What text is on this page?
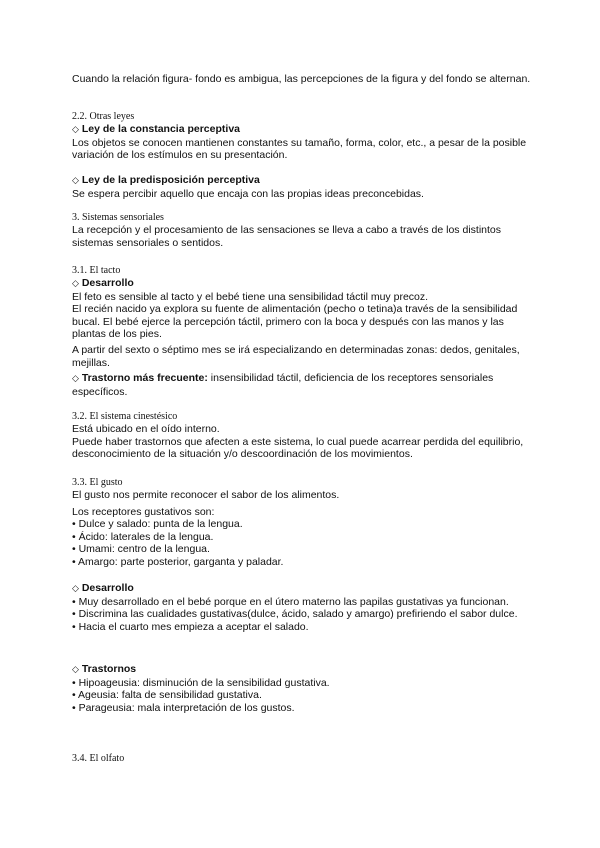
Cuando la relación figura- fondo es ambigua, las percepciones de la figura y del fondo se alternan.

2.2. Otras leyes

◇ Ley de la constancia perceptiva

Los objetos se conocen mantienen constantes su tamaño, forma, color, etc., a pesar de la posible variación de los estímulos en su presentación.

◇ Ley de la predisposición perceptiva

Se espera percibir aquello que encaja con las propias ideas preconcebidas.

3. Sistemas sensoriales

La recepción y el procesamiento de las sensaciones se lleva a cabo a través de los distintos sistemas sensoriales o sentidos.

3.1. El tacto

◇ Desarrollo

El feto es sensible al tacto y el bebé tiene una sensibilidad táctil muy precoz.

El recién nacido ya explora su fuente de alimentación (pecho o tetina)a través de la sensibilidad bucal. El bebé ejerce la percepción táctil, primero con la boca y después con las manos y las plantas de los pies.

A partir del sexto o séptimo mes se irá especializando en determinadas zonas: dedos, genitales, mejillas.

◇ Trastorno más frecuente: insensibilidad táctil, deficiencia de los receptores sensoriales específicos.

3.2. El sistema cinestésico

Está ubicado en el oído interno.

Puede haber trastornos que afecten a este sistema, lo cual puede acarrear perdida del equilibrio, desconocimiento de la situación y/o descoordinación de los movimientos.

3.3. El gusto

El gusto nos permite reconocer el sabor de los alimentos.

Los receptores gustativos son:

• Dulce y salado: punta de la lengua.

• Ácido: laterales de la lengua.

• Umami: centro de la lengua.

• Amargo: parte posterior, garganta y paladar.

◇ Desarrollo

• Muy desarrollado en el bebé porque en el útero materno las papilas gustativas ya funcionan.

• Discrimina las cualidades gustativas(dulce, ácido, salado y amargo) prefiriendo el sabor dulce.

• Hacia el cuarto mes empieza a aceptar el salado.

◇ Trastornos

• Hipoageusia: disminución de la sensibilidad gustativa.

• Ageusia: falta de sensibilidad gustativa.

• Parageusia: mala interpretación de los gustos.

3.4. El olfato
